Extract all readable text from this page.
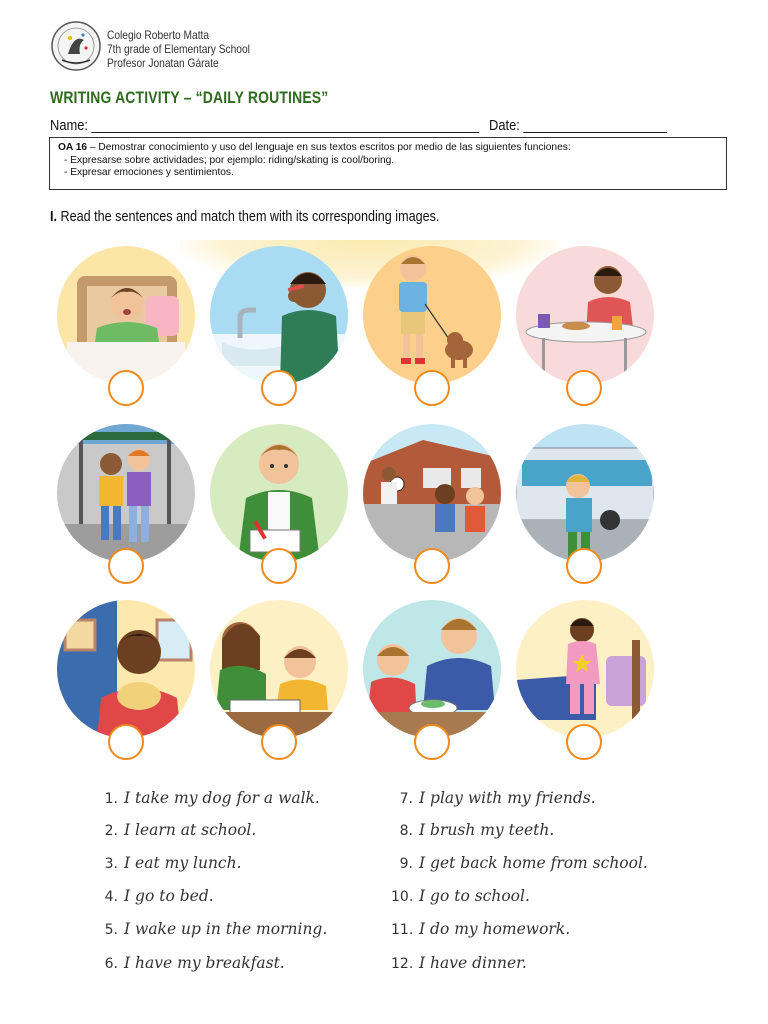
Colegio Roberto Matta
7th grade of Elementary School
Profesor Jonatan Gárate
WRITING ACTIVITY – “DAILY ROUTINES”
Name: ______________________________________________________ Date: ____________________
OA 16 – Demostrar conocimiento y uso del lenguaje en sus textos escritos por medio de las siguientes funciones:
- Expresarse sobre actividades; por ejemplo: riding/skating is cool/boring.
- Expresar emociones y sentimientos.
I. Read the sentences and match them with its corresponding images.
1. I take my dog for a walk.
2. I learn at school.
3. I eat my lunch.
4. I go to bed.
5. I wake up in the morning.
6. I have my breakfast.
7. I play with my friends.
8. I brush my teeth.
9. I get back home from school.
10. I go to school.
11. I do my homework.
12. I have dinner.
